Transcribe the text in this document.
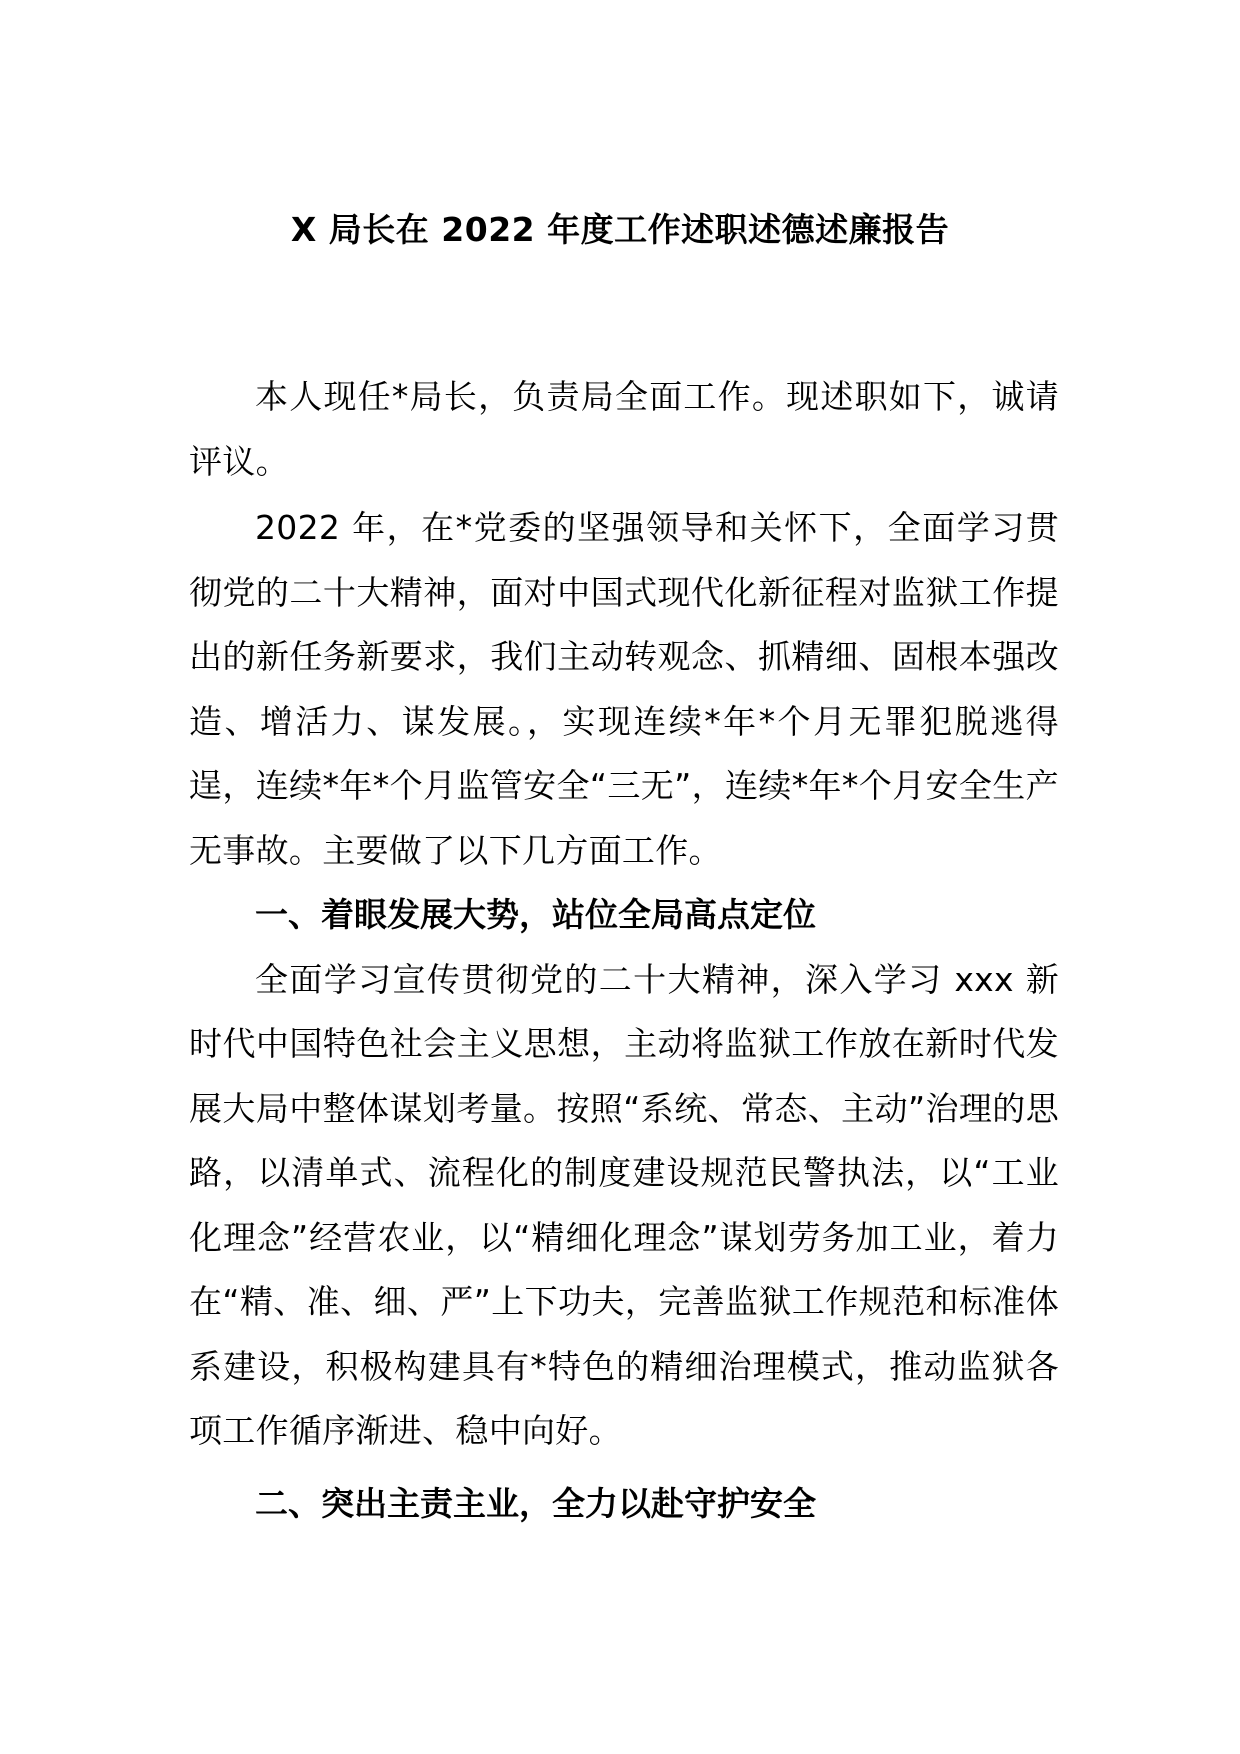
X 局长在 2022 年度工作述职述德述廉报告

本人现任*局长，负责局全面工作。现述职如下，诚请评议。

2022 年，在*党委的坚强领导和关怀下，全面学习贯彻党的二十大精神，面对中国式现代化新征程对监狱工作提出的新任务新要求，我们主动转观念、抓精细、固根本强改造、增活力、谋发展。，实现连续*年*个月无罪犯脱逃得逞，连续*年*个月监管安全“三无”，连续*年*个月安全生产无事故。主要做了以下几方面工作。

一、着眼发展大势，站位全局高点定位

全面学习宣传贯彻党的二十大精神，深入学习 xxx 新时代中国特色社会主义思想，主动将监狱工作放在新时代发展大局中整体谋划考量。按照“系统、常态、主动”治理的思路，以清单式、流程化的制度建设规范民警执法，以“工业化理念”经营农业，以“精细化理念”谋划劳务加工业，着力在“精、准、细、严”上下功夫，完善监狱工作规范和标准体系建设，积极构建具有*特色的精细治理模式，推动监狱各项工作循序渐进、稳中向好。

二、突出主责主业，全力以赴守护安全
